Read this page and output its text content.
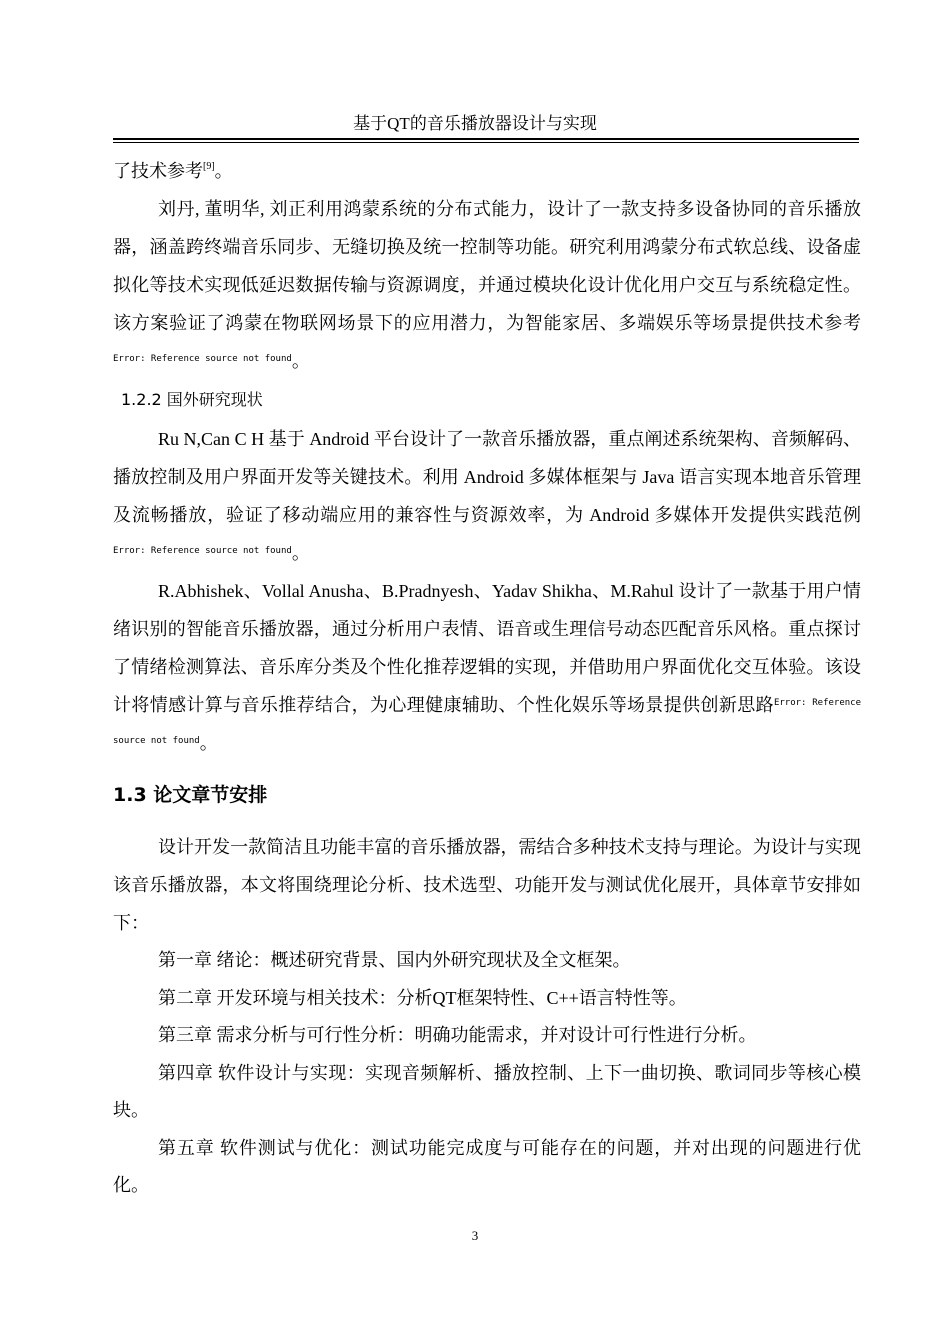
基于QT的音乐播放器设计与实现

了技术参考[9]。

刘丹, 董明华, 刘正利用鸿蒙系统的分布式能力，设计了一款支持多设备协同的音乐播放器，涵盖跨终端音乐同步、无缝切换及统一控制等功能。研究利用鸿蒙分布式软总线、设备虚拟化等技术实现低延迟数据传输与资源调度，并通过模块化设计优化用户交互与系统稳定性。该方案验证了鸿蒙在物联网场景下的应用潜力，为智能家居、多端娱乐等场景提供技术参考$^{Error: Reference source not found}$。

1.2.2 国外研究现状

Ru N,Can C H 基于 Android 平台设计了一款音乐播放器，重点阐述系统架构、音频解码、播放控制及用户界面开发等关键技术。利用 Android 多媒体框架与 Java 语言实现本地音乐管理及流畅播放，验证了移动端应用的兼容性与资源效率，为 Android 多媒体开发提供实践范例$^{Error: Reference source not found}$。

R.Abhishek、Vollal Anusha、B.Pradnyesh、Yadav Shikha、M.Rahul 设计了一款基于用户情绪识别的智能音乐播放器，通过分析用户表情、语音或生理信号动态匹配音乐风格。重点探讨了情绪检测算法、音乐库分类及个性化推荐逻辑的实现，并借助用户界面优化交互体验。该设计将情感计算与音乐推荐结合，为心理健康辅助、个性化娱乐等场景提供创新思路$^{Error: Reference source not found}$。

1.3 论文章节安排

设计开发一款简洁且功能丰富的音乐播放器，需结合多种技术支持与理论。为设计与实现该音乐播放器，本文将围绕理论分析、技术选型、功能开发与测试优化展开，具体章节安排如下：

第一章 绪论：概述研究背景、国内外研究现状及全文框架。

第二章 开发环境与相关技术：分析QT框架特性、C++语言特性等。

第三章 需求分析与可行性分析：明确功能需求，并对设计可行性进行分析。

第四章 软件设计与实现：实现音频解析、播放控制、上下一曲切换、歌词同步等核心模块。

第五章 软件测试与优化：测试功能完成度与可能存在的问题，并对出现的问题进行优化。

3
